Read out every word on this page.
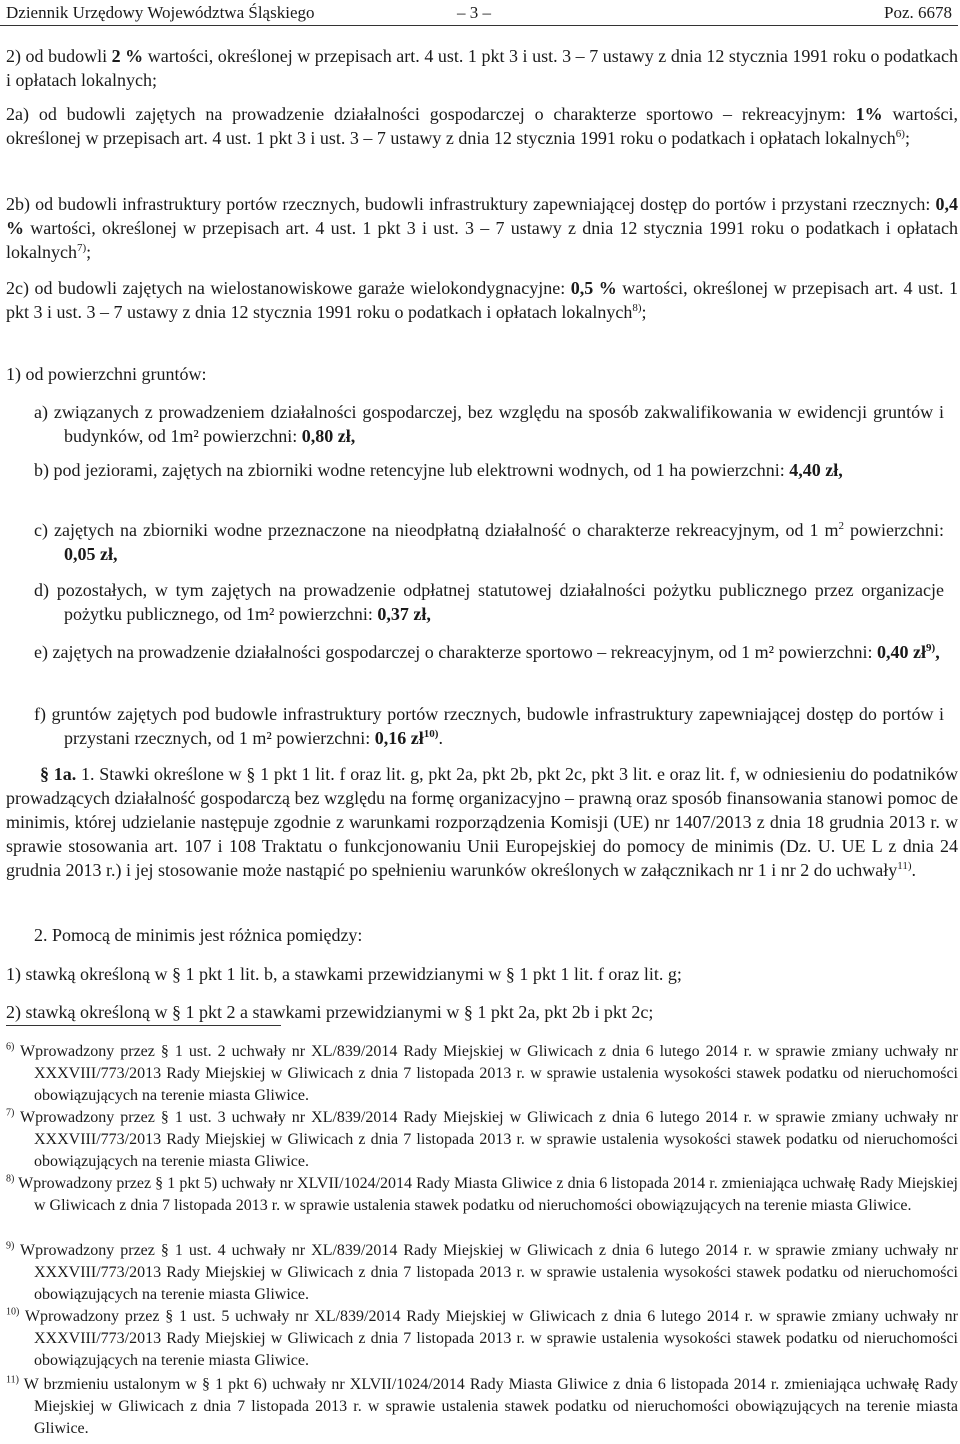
Dziennik Urzędowy Województwa Śląskiego	– 3 –	Poz. 6678

2) od budowli 2 % wartości, określonej w przepisach art. 4 ust. 1 pkt 3 i ust. 3 – 7 ustawy z dnia 12 stycznia 1991 roku o podatkach i opłatach lokalnych;

2a) od budowli zajętych na prowadzenie działalności gospodarczej o charakterze sportowo – rekreacyjnym: 1% wartości, określonej w przepisach art. 4 ust. 1 pkt 3 i ust. 3 – 7 ustawy z dnia 12 stycznia 1991 roku o podatkach i opłatach lokalnych$^{6)}$;

2b) od budowli infrastruktury portów rzecznych, budowli infrastruktury zapewniającej dostęp do portów i przystani rzecznych: 0,4 % wartości, określonej w przepisach art. 4 ust. 1 pkt 3 i ust. 3 – 7 ustawy z dnia 12 stycznia 1991 roku o podatkach i opłatach lokalnych$^{7)}$;

2c) od budowli zajętych na wielostanowiskowe garaże wielokondygnacyjne: 0,5 % wartości, określonej w przepisach art. 4 ust. 1 pkt 3 i ust. 3 – 7 ustawy z dnia 12 stycznia 1991 roku o podatkach i opłatach lokalnych$^{8)}$;

1) od powierzchni gruntów:

a) związanych z prowadzeniem działalności gospodarczej, bez względu na sposób zakwalifikowania w ewidencji gruntów i budynków, od 1m² powierzchni: 0,80 zł,

b) pod jeziorami, zajętych na zbiorniki wodne retencyjne lub elektrowni wodnych, od 1 ha powierzchni: 4,40 zł,

c) zajętych na zbiorniki wodne przeznaczone na nieodpłatną działalność o charakterze rekreacyjnym, od 1 $m^2$ powierzchni: 0,05 zł,

d) pozostałych, w tym zajętych na prowadzenie odpłatnej statutowej działalności pożytku publicznego przez organizacje pożytku publicznego, od 1m² powierzchni: 0,37 zł,

e) zajętych na prowadzenie działalności gospodarczej o charakterze sportowo – rekreacyjnym, od 1 m² powierzchni: 0,40 $zł^{9)}$,

f) gruntów zajętych pod budowle infrastruktury portów rzecznych, budowle infrastruktury zapewniającej dostęp do portów i przystani rzecznych, od 1 m² powierzchni: 0,16 $zł^{10)}$.

§ 1a. 1. Stawki określone w § 1 pkt 1 lit. f oraz lit. g, pkt 2a, pkt 2b, pkt 2c, pkt 3 lit. e oraz lit. f, w odniesieniu do podatników prowadzących działalność gospodarczą bez względu na formę organizacyjno – prawną oraz sposób finansowania stanowi pomoc de minimis, której udzielanie następuje zgodnie z warunkami rozporządzenia Komisji (UE) nr 1407/2013 z dnia 18 grudnia 2013 r. w sprawie stosowania art. 107 i 108 Traktatu o funkcjonowaniu Unii Europejskiej do pomocy de minimis (Dz. U. UE L z dnia 24 grudnia 2013 r.) i jej stosowanie może nastąpić po spełnieniu warunków określonych w załącznikach nr 1 i nr 2 do uchwały$^{11)}$.

2. Pomocą de minimis jest różnica pomiędzy:

1) stawką określoną w § 1 pkt 1 lit. b, a stawkami przewidzianymi w § 1 pkt 1 lit. f oraz lit. g;

2) stawką określoną w § 1 pkt 2 a stawkami przewidzianymi w § 1 pkt 2a, pkt 2b i pkt 2c;

$^{6)}$ Wprowadzony przez § 1 ust. 2 uchwały nr XL/839/2014 Rady Miejskiej w Gliwicach z dnia 6 lutego 2014 r. w sprawie zmiany uchwały nr XXXVIII/773/2013 Rady Miejskiej w Gliwicach z dnia 7 listopada 2013 r. w sprawie ustalenia wysokości stawek podatku od nieruchomości obowiązujących na terenie miasta Gliwice.

$^{7)}$ Wprowadzony przez § 1 ust. 3 uchwały nr XL/839/2014 Rady Miejskiej w Gliwicach z dnia 6 lutego 2014 r. w sprawie zmiany uchwały nr XXXVIII/773/2013 Rady Miejskiej w Gliwicach z dnia 7 listopada 2013 r. w sprawie ustalenia wysokości stawek podatku od nieruchomości obowiązujących na terenie miasta Gliwice.

$^{8)}$ Wprowadzony przez § 1 pkt 5) uchwały nr XLVII/1024/2014 Rady Miasta Gliwice z dnia 6 listopada 2014 r. zmieniająca uchwałę Rady Miejskiej w Gliwicach z dnia 7 listopada 2013 r. w sprawie ustalenia stawek podatku od nieruchomości obowiązujących na terenie miasta Gliwice.

$^{9)}$ Wprowadzony przez § 1 ust. 4 uchwały nr XL/839/2014 Rady Miejskiej w Gliwicach z dnia 6 lutego 2014 r. w sprawie zmiany uchwały nr XXXVIII/773/2013 Rady Miejskiej w Gliwicach z dnia 7 listopada 2013 r. w sprawie ustalenia wysokości stawek podatku od nieruchomości obowiązujących na terenie miasta Gliwice.

$^{10)}$ Wprowadzony przez § 1 ust. 5 uchwały nr XL/839/2014 Rady Miejskiej w Gliwicach z dnia 6 lutego 2014 r. w sprawie zmiany uchwały nr XXXVIII/773/2013 Rady Miejskiej w Gliwicach z dnia 7 listopada 2013 r. w sprawie ustalenia wysokości stawek podatku od nieruchomości obowiązujących na terenie miasta Gliwice.

$^{11)}$ W brzmieniu ustalonym w § 1 pkt 6) uchwały nr XLVII/1024/2014 Rady Miasta Gliwice z dnia 6 listopada 2014 r. zmieniająca uchwałę Rady Miejskiej w Gliwicach z dnia 7 listopada 2013 r. w sprawie ustalenia stawek podatku od nieruchomości obowiązujących na terenie miasta Gliwice.
